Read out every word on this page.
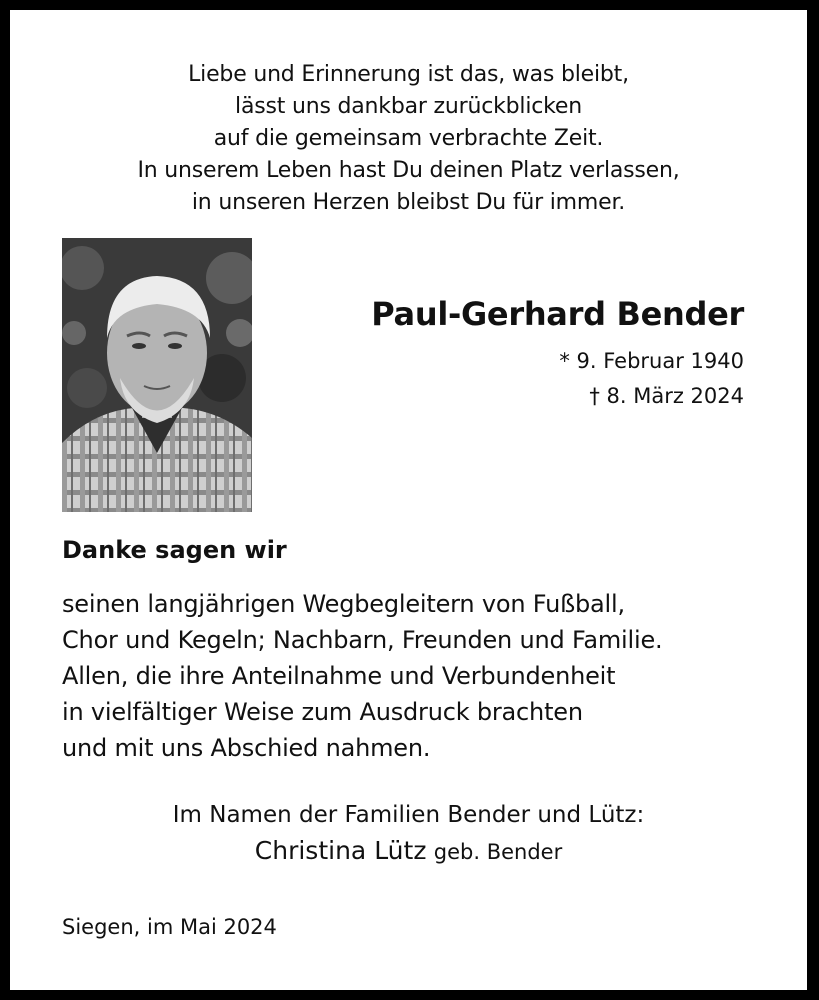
Liebe und Erinnerung ist das, was bleibt,
lässt uns dankbar zurückblicken
auf die gemeinsam verbrachte Zeit.
In unserem Leben hast Du deinen Platz verlassen,
in unseren Herzen bleibst Du für immer.
Paul-Gerhard Bender
* 9. Februar 1940
† 8. März 2024
Danke sagen wir
seinen langjährigen Wegbegleitern von Fußball,
Chor und Kegeln; Nachbarn, Freunden und Familie.
Allen, die ihre Anteilnahme und Verbundenheit
in vielfältiger Weise zum Ausdruck brachten
und mit uns Abschied nahmen.
Im Namen der Familien Bender und Lütz:
Christina Lütz geb. Bender
Siegen, im Mai 2024
